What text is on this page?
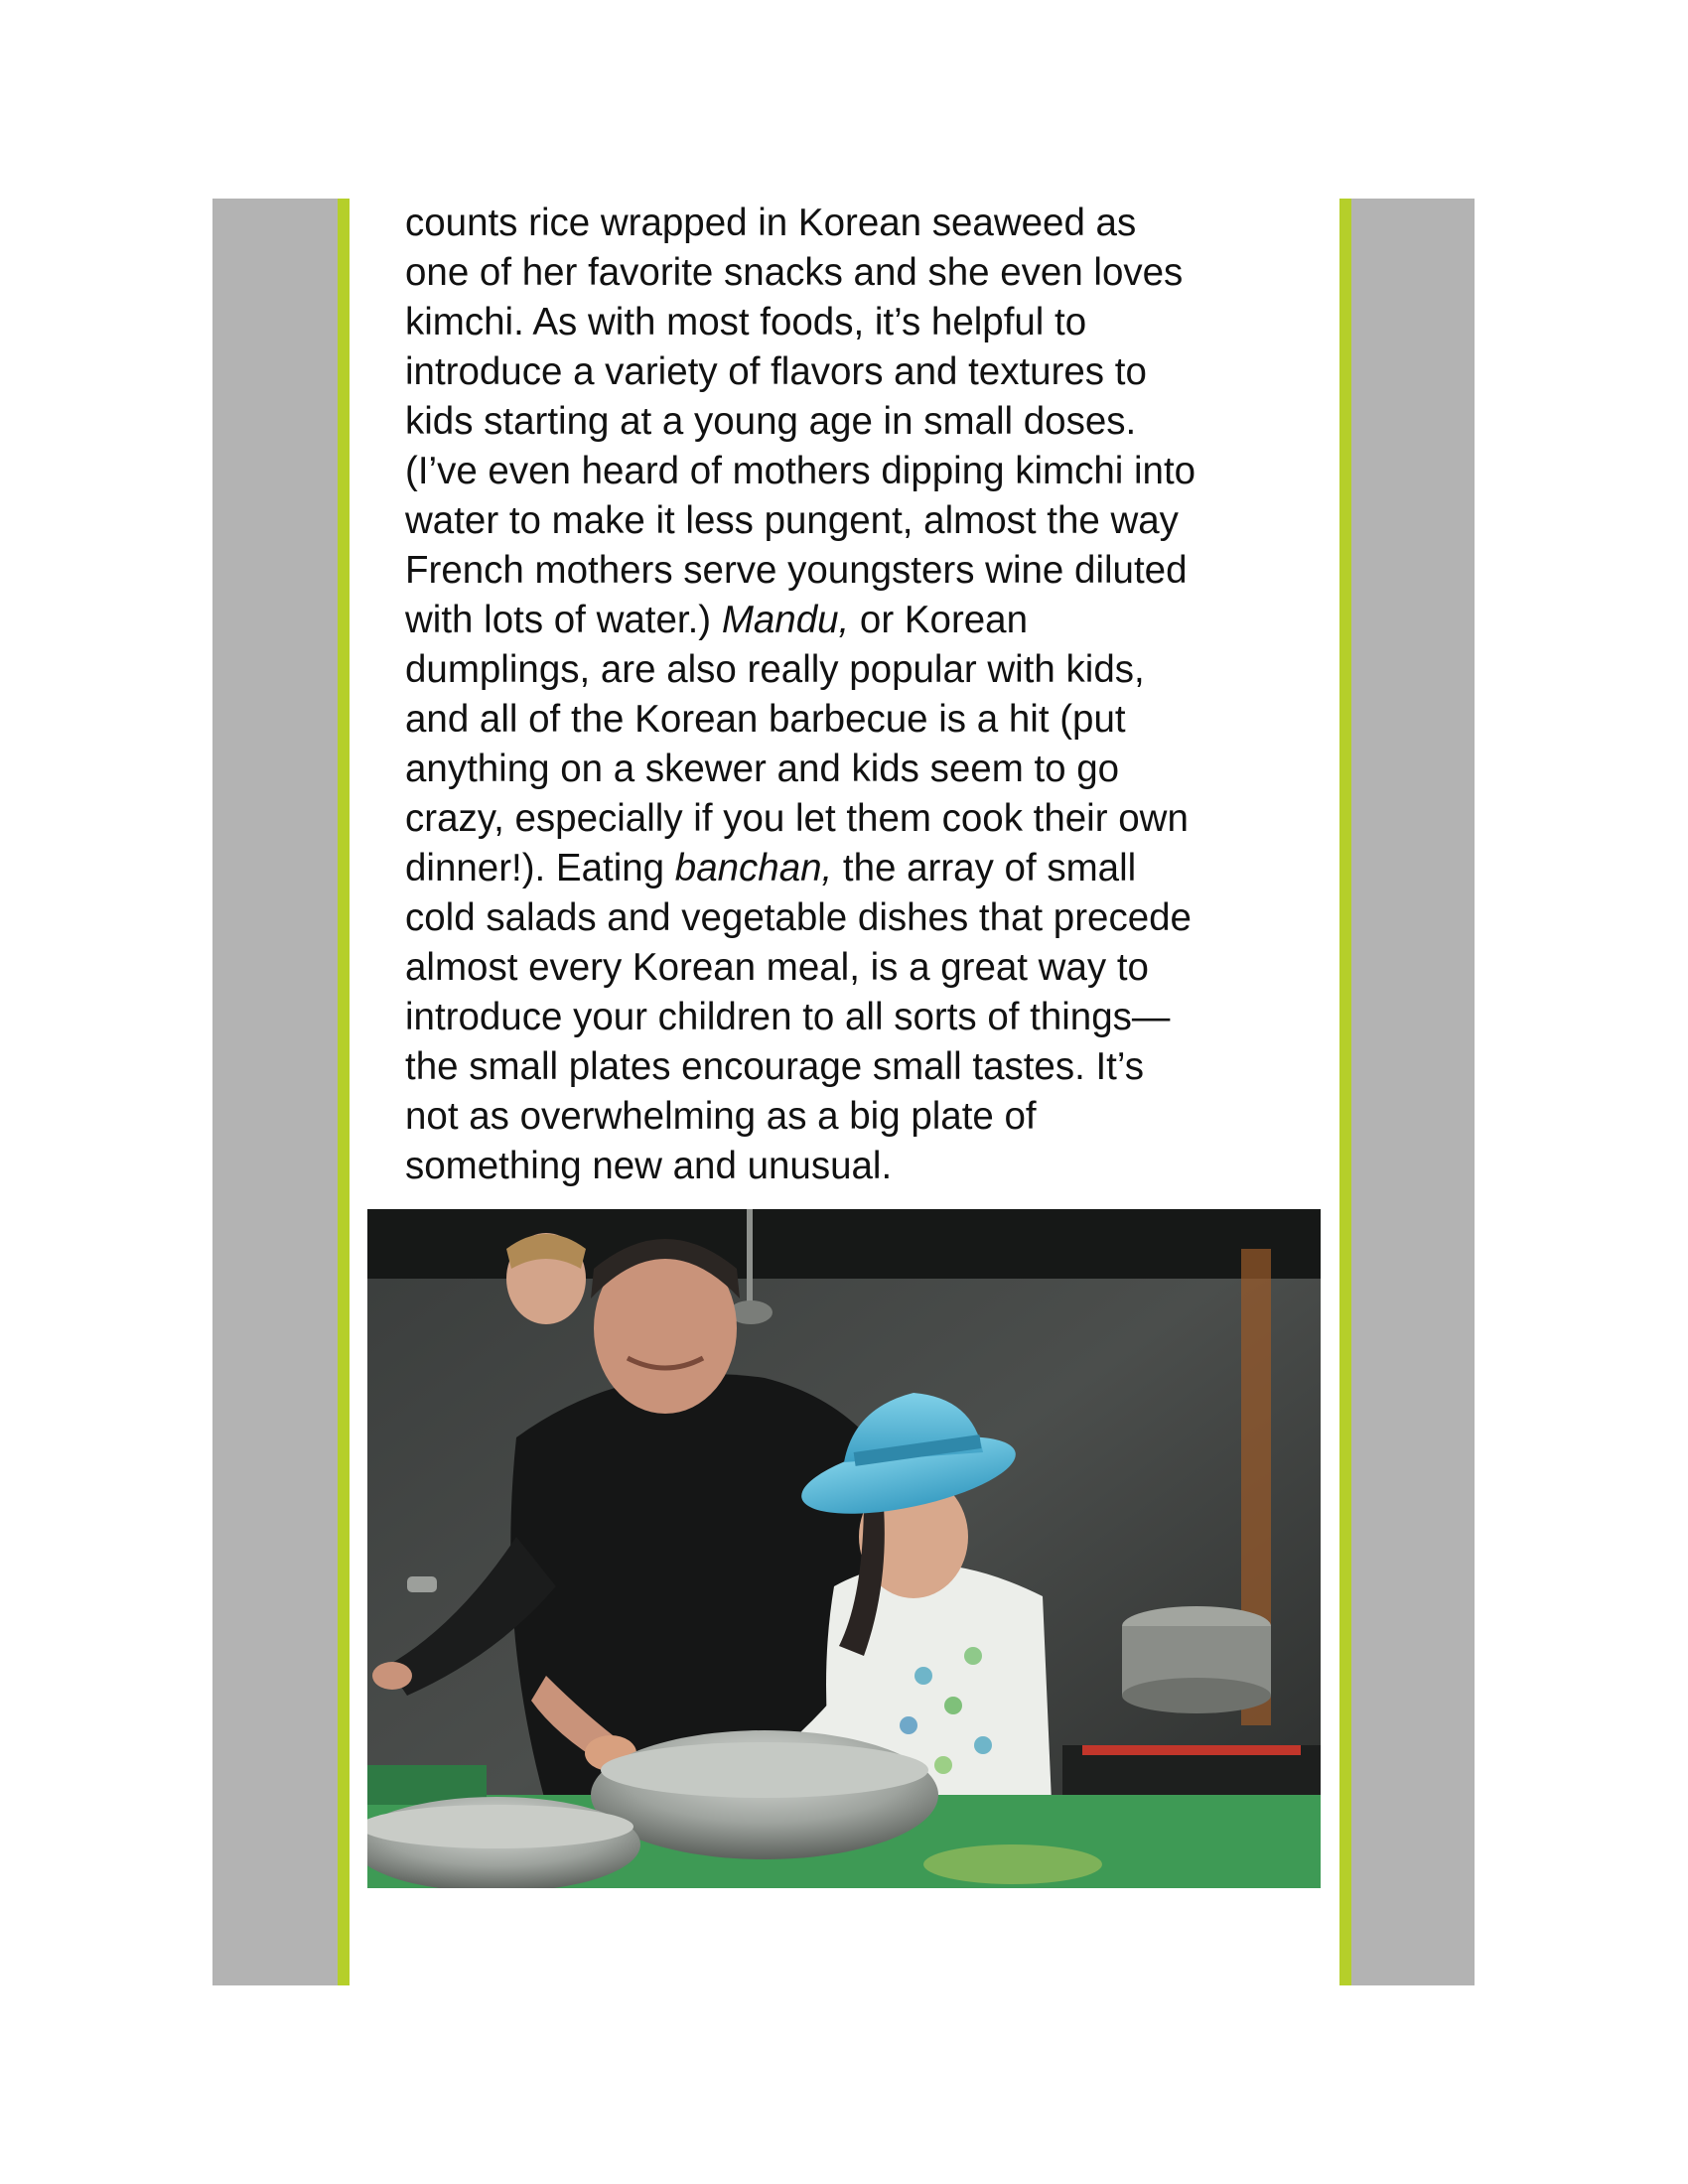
counts rice wrapped in Korean seaweed as
one of her favorite snacks and she even loves
kimchi. As with most foods, it’s helpful to
introduce a variety of flavors and textures to
kids starting at a young age in small doses.
(I’ve even heard of mothers dipping kimchi into
water to make it less pungent, almost the way
French mothers serve youngsters wine diluted
with lots of water.) Mandu, or Korean
dumplings, are also really popular with kids,
and all of the Korean barbecue is a hit (put
anything on a skewer and kids seem to go
crazy, especially if you let them cook their own
dinner!). Eating banchan, the array of small
cold salads and vegetable dishes that precede
almost every Korean meal, is a great way to
introduce your children to all sorts of things—
the small plates encourage small tastes. It’s
not as overwhelming as a big plate of
something new and unusual.
